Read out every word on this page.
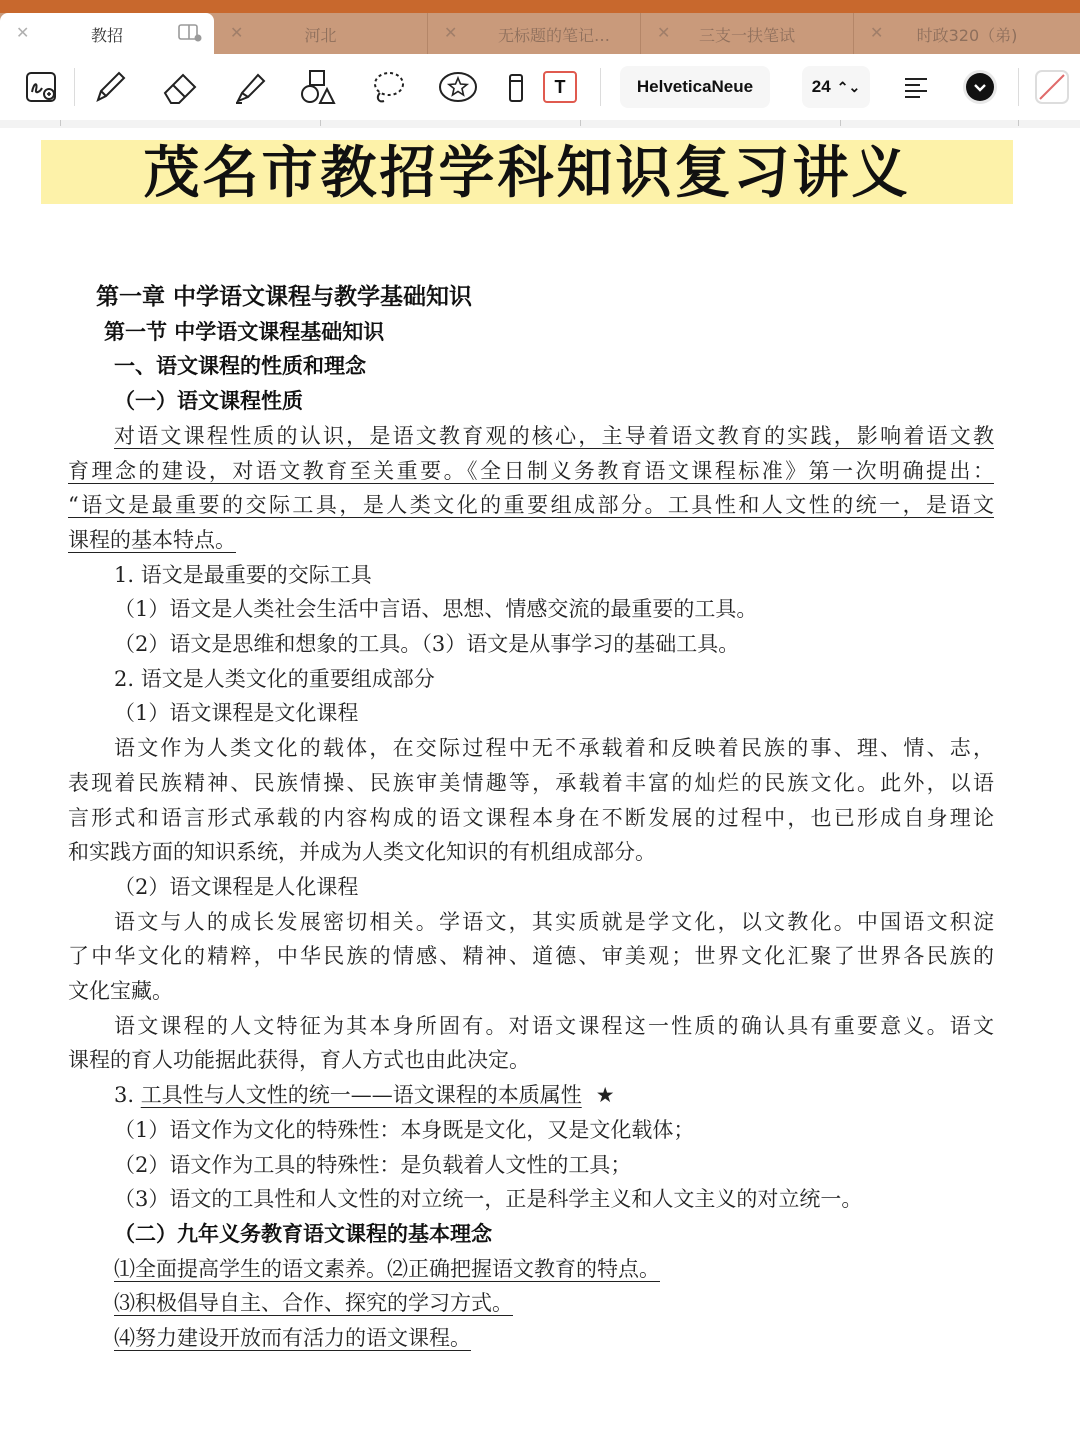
✕	教招	✕	河北	✕	无标题的笔记…	✕	三支一扶笔试	✕	时政320（弟)
T	HelveticaNeue	24 ⌃⌄
茂名市教招学科知识复习讲义
第一章 中学语文课程与教学基础知识
第一节 中学语文课程基础知识
一、语文课程的性质和理念
（一）语文课程性质
对语文课程性质的认识，是语文教育观的核心，主导着语文教育的实践，影响着语文教
育理念的建设，对语文教育至关重要。《全日制义务教育语文课程标准》第一次明确提出：
“语文是最重要的交际工具，是人类文化的重要组成部分。工具性和人文性的统一，是语文
课程的基本特点。
1. 语文是最重要的交际工具
（1）语文是人类社会生活中言语、思想、情感交流的最重要的工具。
（2）语文是思维和想象的工具。（3）语文是从事学习的基础工具。
2. 语文是人类文化的重要组成部分
（1）语文课程是文化课程
语文作为人类文化的载体，在交际过程中无不承载着和反映着民族的事、理、情、志，
表现着民族精神、民族情操、民族审美情趣等，承载着丰富的灿烂的民族文化。此外，以语
言形式和语言形式承载的内容构成的语文课程本身在不断发展的过程中，也已形成自身理论
和实践方面的知识系统，并成为人类文化知识的有机组成部分。
（2）语文课程是人化课程
语文与人的成长发展密切相关。学语文，其实质就是学文化，以文教化。中国语文积淀
了中华文化的精粹，中华民族的情感、精神、道德、审美观；世界文化汇聚了世界各民族的
文化宝藏。
语文课程的人文特征为其本身所固有。对语文课程这一性质的确认具有重要意义。语文
课程的育人功能据此获得，育人方式也由此决定。
3. 工具性与人文性的统一——语文课程的本质属性 ★
（1）语文作为文化的特殊性：本身既是文化，又是文化载体；
（2）语文作为工具的特殊性：是负载着人文性的工具；
（3）语文的工具性和人文性的对立统一，正是科学主义和人文主义的对立统一。
（二）九年义务教育语文课程的基本理念
⑴全面提高学生的语文素养。⑵正确把握语文教育的特点。
⑶积极倡导自主、合作、探究的学习方式。
⑷努力建设开放而有活力的语文课程。
